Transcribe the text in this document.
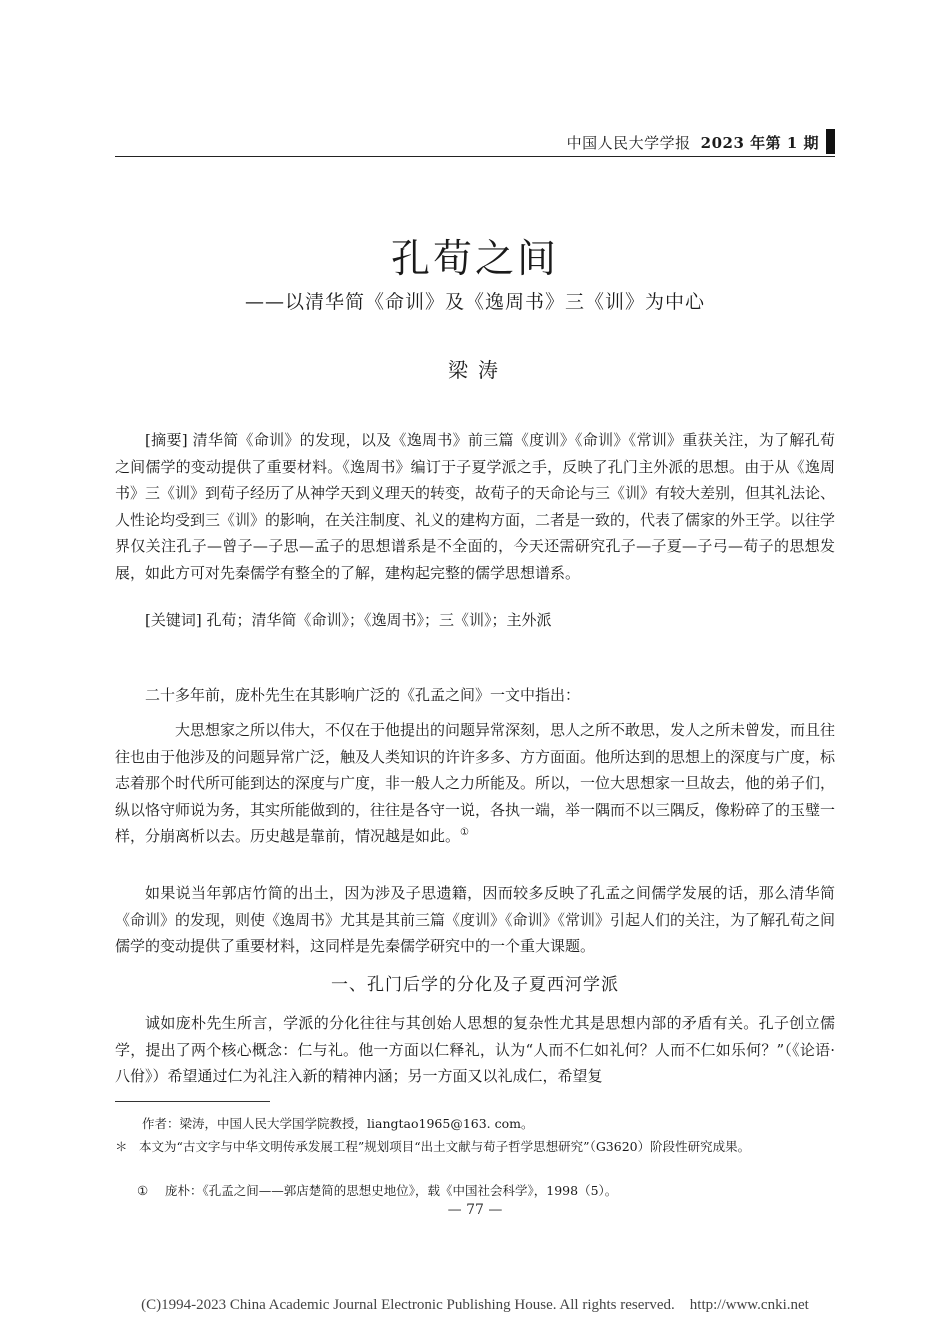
中国人民大学学报 2023 年第 1 期
孔荀之间
——以清华简《命训》及《逸周书》三《训》为中心
梁涛

[摘要] 清华简《命训》的发现，以及《逸周书》前三篇《度训》《命训》《常训》重获关注，为了解孔荀之间儒学的变动提供了重要材料。《逸周书》编订于子夏学派之手，反映了孔门主外派的思想。由于从《逸周书》三《训》到荀子经历了从神学天到义理天的转变，故荀子的天命论与三《训》有较大差别，但其礼法论、人性论均受到三《训》的影响，在关注制度、礼义的建构方面，二者是一致的，代表了儒家的外王学。以往学界仅关注孔子—曾子—子思—孟子的思想谱系是不全面的，今天还需研究孔子—子夏—子弓—荀子的思想发展，如此方可对先秦儒学有整全的了解，建构起完整的儒学思想谱系。

[关键词] 孔荀；清华简《命训》；《逸周书》；三《训》；主外派

二十多年前，庞朴先生在其影响广泛的《孔孟之间》一文中指出：

大思想家之所以伟大，不仅在于他提出的问题异常深刻，思人之所不敢思，发人之所未曾发，而且往往也由于他涉及的问题异常广泛，触及人类知识的许许多多、方方面面。他所达到的思想上的深度与广度，标志着那个时代所可能到达的深度与广度，非一般人之力所能及。所以，一位大思想家一旦故去，他的弟子们，纵以恪守师说为务，其实所能做到的，往往是各守一说，各执一端，举一隅而不以三隅反，像粉碎了的玉璧一样，分崩离析以去。历史越是靠前，情况越是如此。①

如果说当年郭店竹简的出土，因为涉及子思遗籍，因而较多反映了孔孟之间儒学发展的话，那么清华简《命训》的发现，则使《逸周书》尤其是其前三篇《度训》《命训》《常训》引起人们的关注，为了解孔荀之间儒学的变动提供了重要材料，这同样是先秦儒学研究中的一个重大课题。

一、孔门后学的分化及子夏西河学派

诚如庞朴先生所言，学派的分化往往与其创始人思想的复杂性尤其是思想内部的矛盾有关。孔子创立儒学，提出了两个核心概念：仁与礼。他一方面以仁释礼，认为“人而不仁如礼何？人而不仁如乐何？”（《论语·八佾》）希望通过仁为礼注入新的精神内涵；另一方面又以礼成仁，希望复

作者：梁涛，中国人民大学国学院教授，liangtao1965@163. com。

＊ 本文为“古文字与中华文明传承发展工程”规划项目“出土文献与荀子哲学思想研究”（G3620）阶段性研究成果。

① 庞朴：《孔孟之间——郭店楚简的思想史地位》，载《中国社会科学》，1998（5）。

— 77 —
(C)1994-2023 China Academic Journal Electronic Publishing House. All rights reserved.    http://www.cnki.net
